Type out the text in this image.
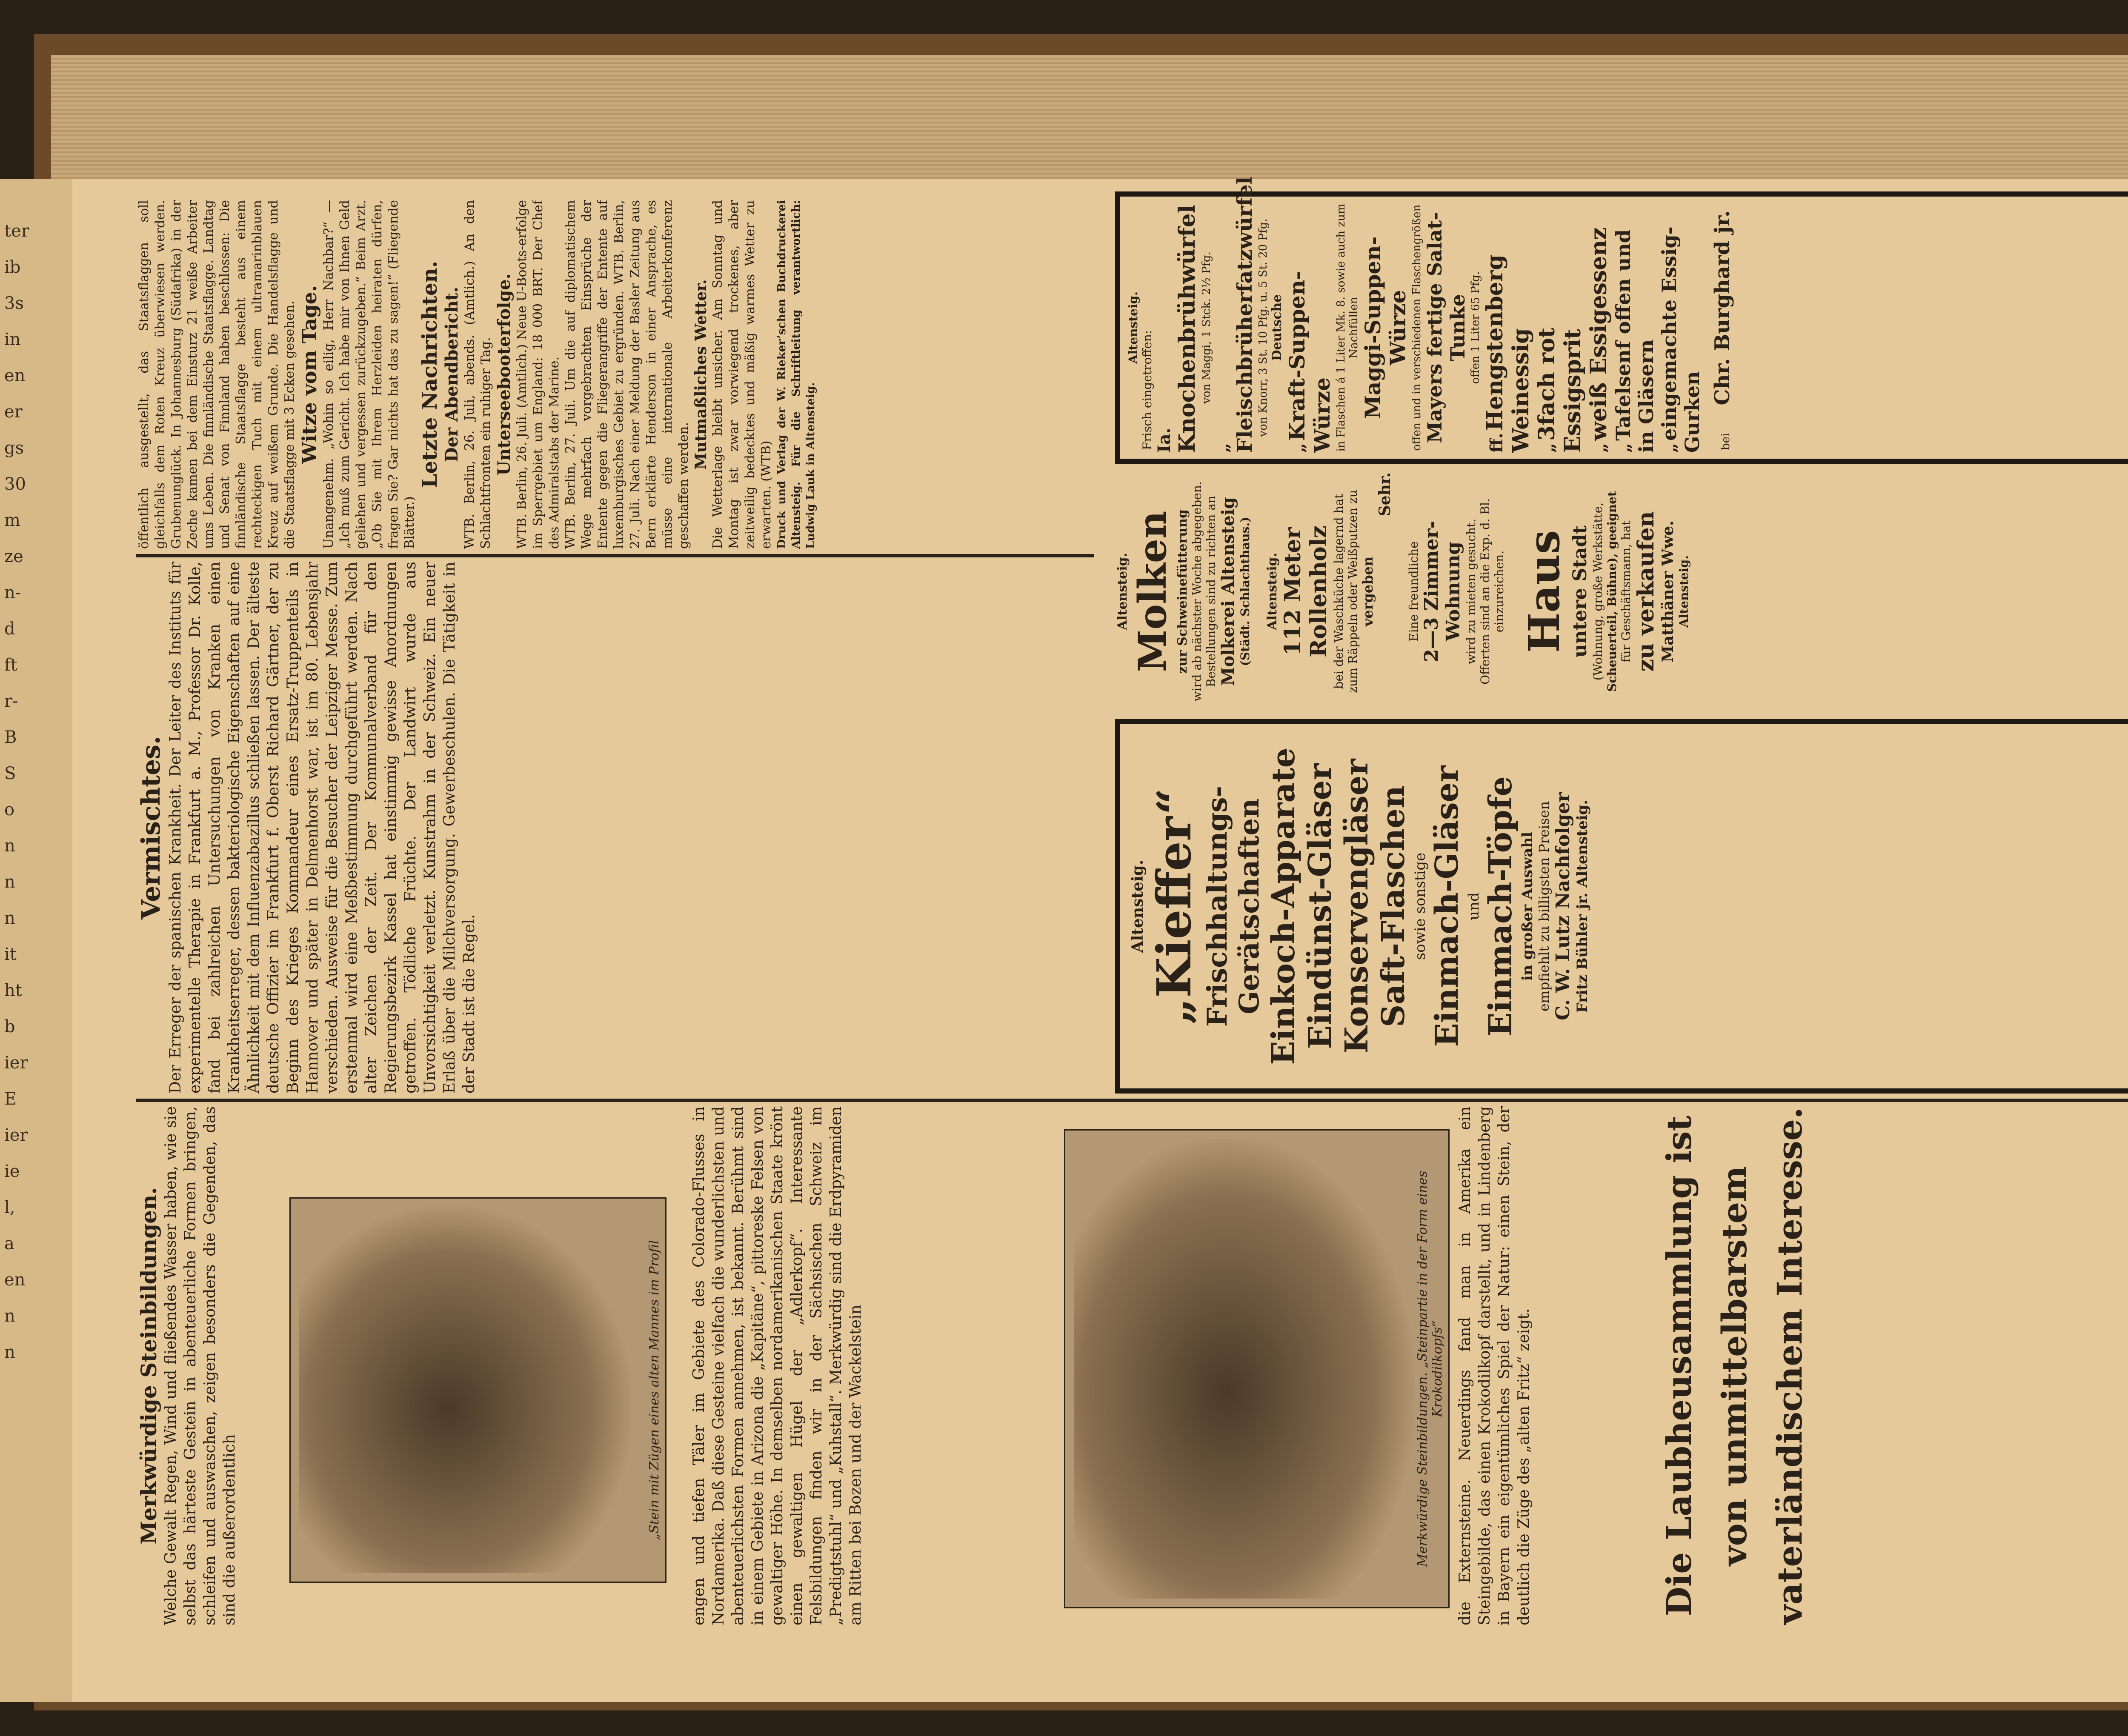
ter
ib
3s
in
en
er
gs
30
m
ze
n-
d
ft
r-
B
S
o
n
n
n
it
ht
b
ier
E
ier
ie
l,
a
en
n
n	Merkwürdige Steinbildungen. Welche Gewalt Regen, Wind und fließendes Wasser haben, wie sie selbst das härteste Gestein in abenteuerliche Formen bringen, schleifen und auswaschen, zeigen besonders die Gegenden, das sind die außerordentlich	„Stein mit Zügen eines alten Mannes im Profil engen und tiefen Täler im Gebiete des Colorado-Flusses in Nordamerika. Daß diese Gesteine vielfach die wunderlichsten und abenteuerlichsten Formen annehmen, ist bekannt. Berühmt sind in einem Gebiete in Arizona die „Kapitäne“, pittoreske Felsen von gewaltiger Höhe. In demselben nordamerikanischen Staate krönt einen gewaltigen Hügel der „Adlerkopf“. Interessante Felsbildungen finden wir in der Sächsischen Schweiz im „Predigtstuhl“ und „Kuhstall“. Merkwürdig sind die Erdpyramiden am Ritten bei Bozen und der Wackelstein	Merkwürdige Steinbildungen. „Steinpartie in der Form eines Krokodilkopfs“ die Externsteine. Neuerdings fand man in Amerika ein Steingebilde, das einen Krokodilkopf darstellt, und in Lindenberg in Bayern ein eigentümliches Spiel der Natur: einen Stein, der deutlich die Züge des „alten Fritz“ zeigt.	Die Laubheusammlung ist von unmittelbarstem vaterländischem Interesse.
Vermischtes. Der Erreger der spanischen Krankheit. Der Leiter des Instituts für experimentelle Therapie in Frankfurt a. M., Professor Dr. Kolle, fand bei zahlreichen Untersuchungen von Kranken einen Krankheitserreger, dessen bakteriologische Eigenschaften auf eine Ähnlichkeit mit dem Influenzabazillus schließen lassen. Der älteste deutsche Offizier im Frankfurt f. Oberst Richard Gärtner, der zu Beginn des Krieges Kommandeur eines Ersatz-Truppenteils in Hannover und später in Delmenhorst war, ist im 80. Lebensjahr verschieden. Ausweise für die Besucher der Leipziger Messe. Zum erstenmal wird eine Meßbestimmung durchgeführt werden. Nach alter Zeichen der Zeit. Der Kommunalverband für den Regierungsbezirk Kassel hat einstimmig gewisse Anordnungen getroffen. Tödliche Früchte. Der Landwirt wurde aus Unvorsichtigkeit verletzt. Kunstrahm in der Schweiz. Ein neuer Erlaß über die Milchversorgung. Gewerbeschulen. Die Tätigkeit in der Stadt ist die Regel.
öffentlich ausgestellt, das Staatsflaggen soll gleichfalls dem Roten Kreuz überwiesen werden. Grubenunglück. In Johannesburg (Südafrika) in der Zeche kamen bei dem Einsturz 21 weiße Arbeiter ums Leben. Die finnländische Staatsflagge. Landtag und Senat von Finnland haben beschlossen: Die finnländische Staatsflagge besteht aus einem rechteckigen Tuch mit einem ultramarinblauen Kreuz auf weißem Grunde. Die Handelsflagge und die Staatsflagge mit 3 Ecken gesehen. Witze vom Tage. Unangenehm. „Wohin so eilig, Herr Nachbar?“ — „Ich muß zum Gericht. Ich habe mir von Ihnen Geld geliehen und vergessen zurückzugeben.“ Beim Arzt. „Ob Sie mit Ihrem Herzleiden heiraten dürfen, fragen Sie? Gar nichts hat das zu sagen!“ (Fliegende Blätter.)
Letzte Nachrichten. Der Abendbericht. WTB. Berlin, 26. Juli, abends. (Amtlich.) An den Schlachtfronten ein ruhiger Tag. Unterseebooterfolge. WTB. Berlin, 26. Juli. (Amtlich.) Neue U-Boots-erfolge im Sperrgebiet um England: 18 000 BRT. Der Chef des Admiralstabs der Marine. WTB. Berlin, 27. Juli. Um die auf diplomatischem Wege mehrfach vorgebrachten Einsprüche der Entente gegen die Fliegerangriffe der Entente auf luxemburgisches Gebiet zu ergründen. WTB. Berlin, 27. Juli. Nach einer Meldung der Basler Zeitung aus Bern erklärte Henderson in einer Ansprache, es müsse eine internationale Arbeiterkonferenz geschaffen werden.
Mutmaßliches Wetter. Die Wetterlage bleibt unsicher. Am Sonntag und Montag ist zwar vorwiegend trockenes, aber zeitweilig bedecktes und mäßig warmes Wetter zu erwarten. (WTB) Druck und Verlag der W. Rieker’schen Buchdruckerei Altensteig. Für die Schriftleitung verantwortlich: Ludwig Lauk in Altensteig.
Altensteig. „Kieffer“ Frischhaltungs-Gerätschaften Einkoch-Apparate Eindünst-Gläser Konservengläser Saft-Flaschen sowie sonstige Einmach-Gläser und Einmach-Töpfe in großer Auswahl empfiehlt zu billigsten Preisen C. W. Lutz Nachfolger Fritz Bühler jr. Altensteig.
Altensteig. Molken zur Schweinefütterung wird ab nächster Woche abgegeben. Bestellungen sind zu richten an Molkerei Altensteig (Städt. Schlachthaus.) Altensteig. 112 Meter Rollenholz bei der Waschküche lagernd hat zum Räppeln oder Weißputzen zu vergeben
Sehr.
Eine freundliche 2—3 Zimmer- Wohnung wird zu mieten gesucht. Offerten sind an die Exp. d. Bl. einzureichen. Haus untere Stadt (Wohnung, große Werkstätte, Scheuerteil, Bühne), geeignet für Geschäftsmann, hat zu verkaufen Matthäner Wwe. Altensteig.
Altensteig.
Frisch eingetroffen: Ia. Knochenbrühwürfel von Maggi, 1 Stck. 2½ Pfg.
„ Fleischbrüherfatzwürfel von Knorr, 3 St. 10 Pfg. u. 5 St. 20 Pfg. Deutsche
„ Kraft-Suppen-Würze in Flaschen á 1 Liter Mk. 8. sowie auch zum Nachfüllen Maggi-Suppen-Würze offen und in verschiedenen Flaschengrößen Mayers fertige Salat-Tunke offen 1 Liter 65 Pfg.
ff. Hengstenberg Weinessig „ 3fach rot Essigsprit „ weiß Essigessenz
„ Tafelsenf offen und in Gläsern „ eingemachte Essig-Gurken	bei Chr. Burghard jr.
